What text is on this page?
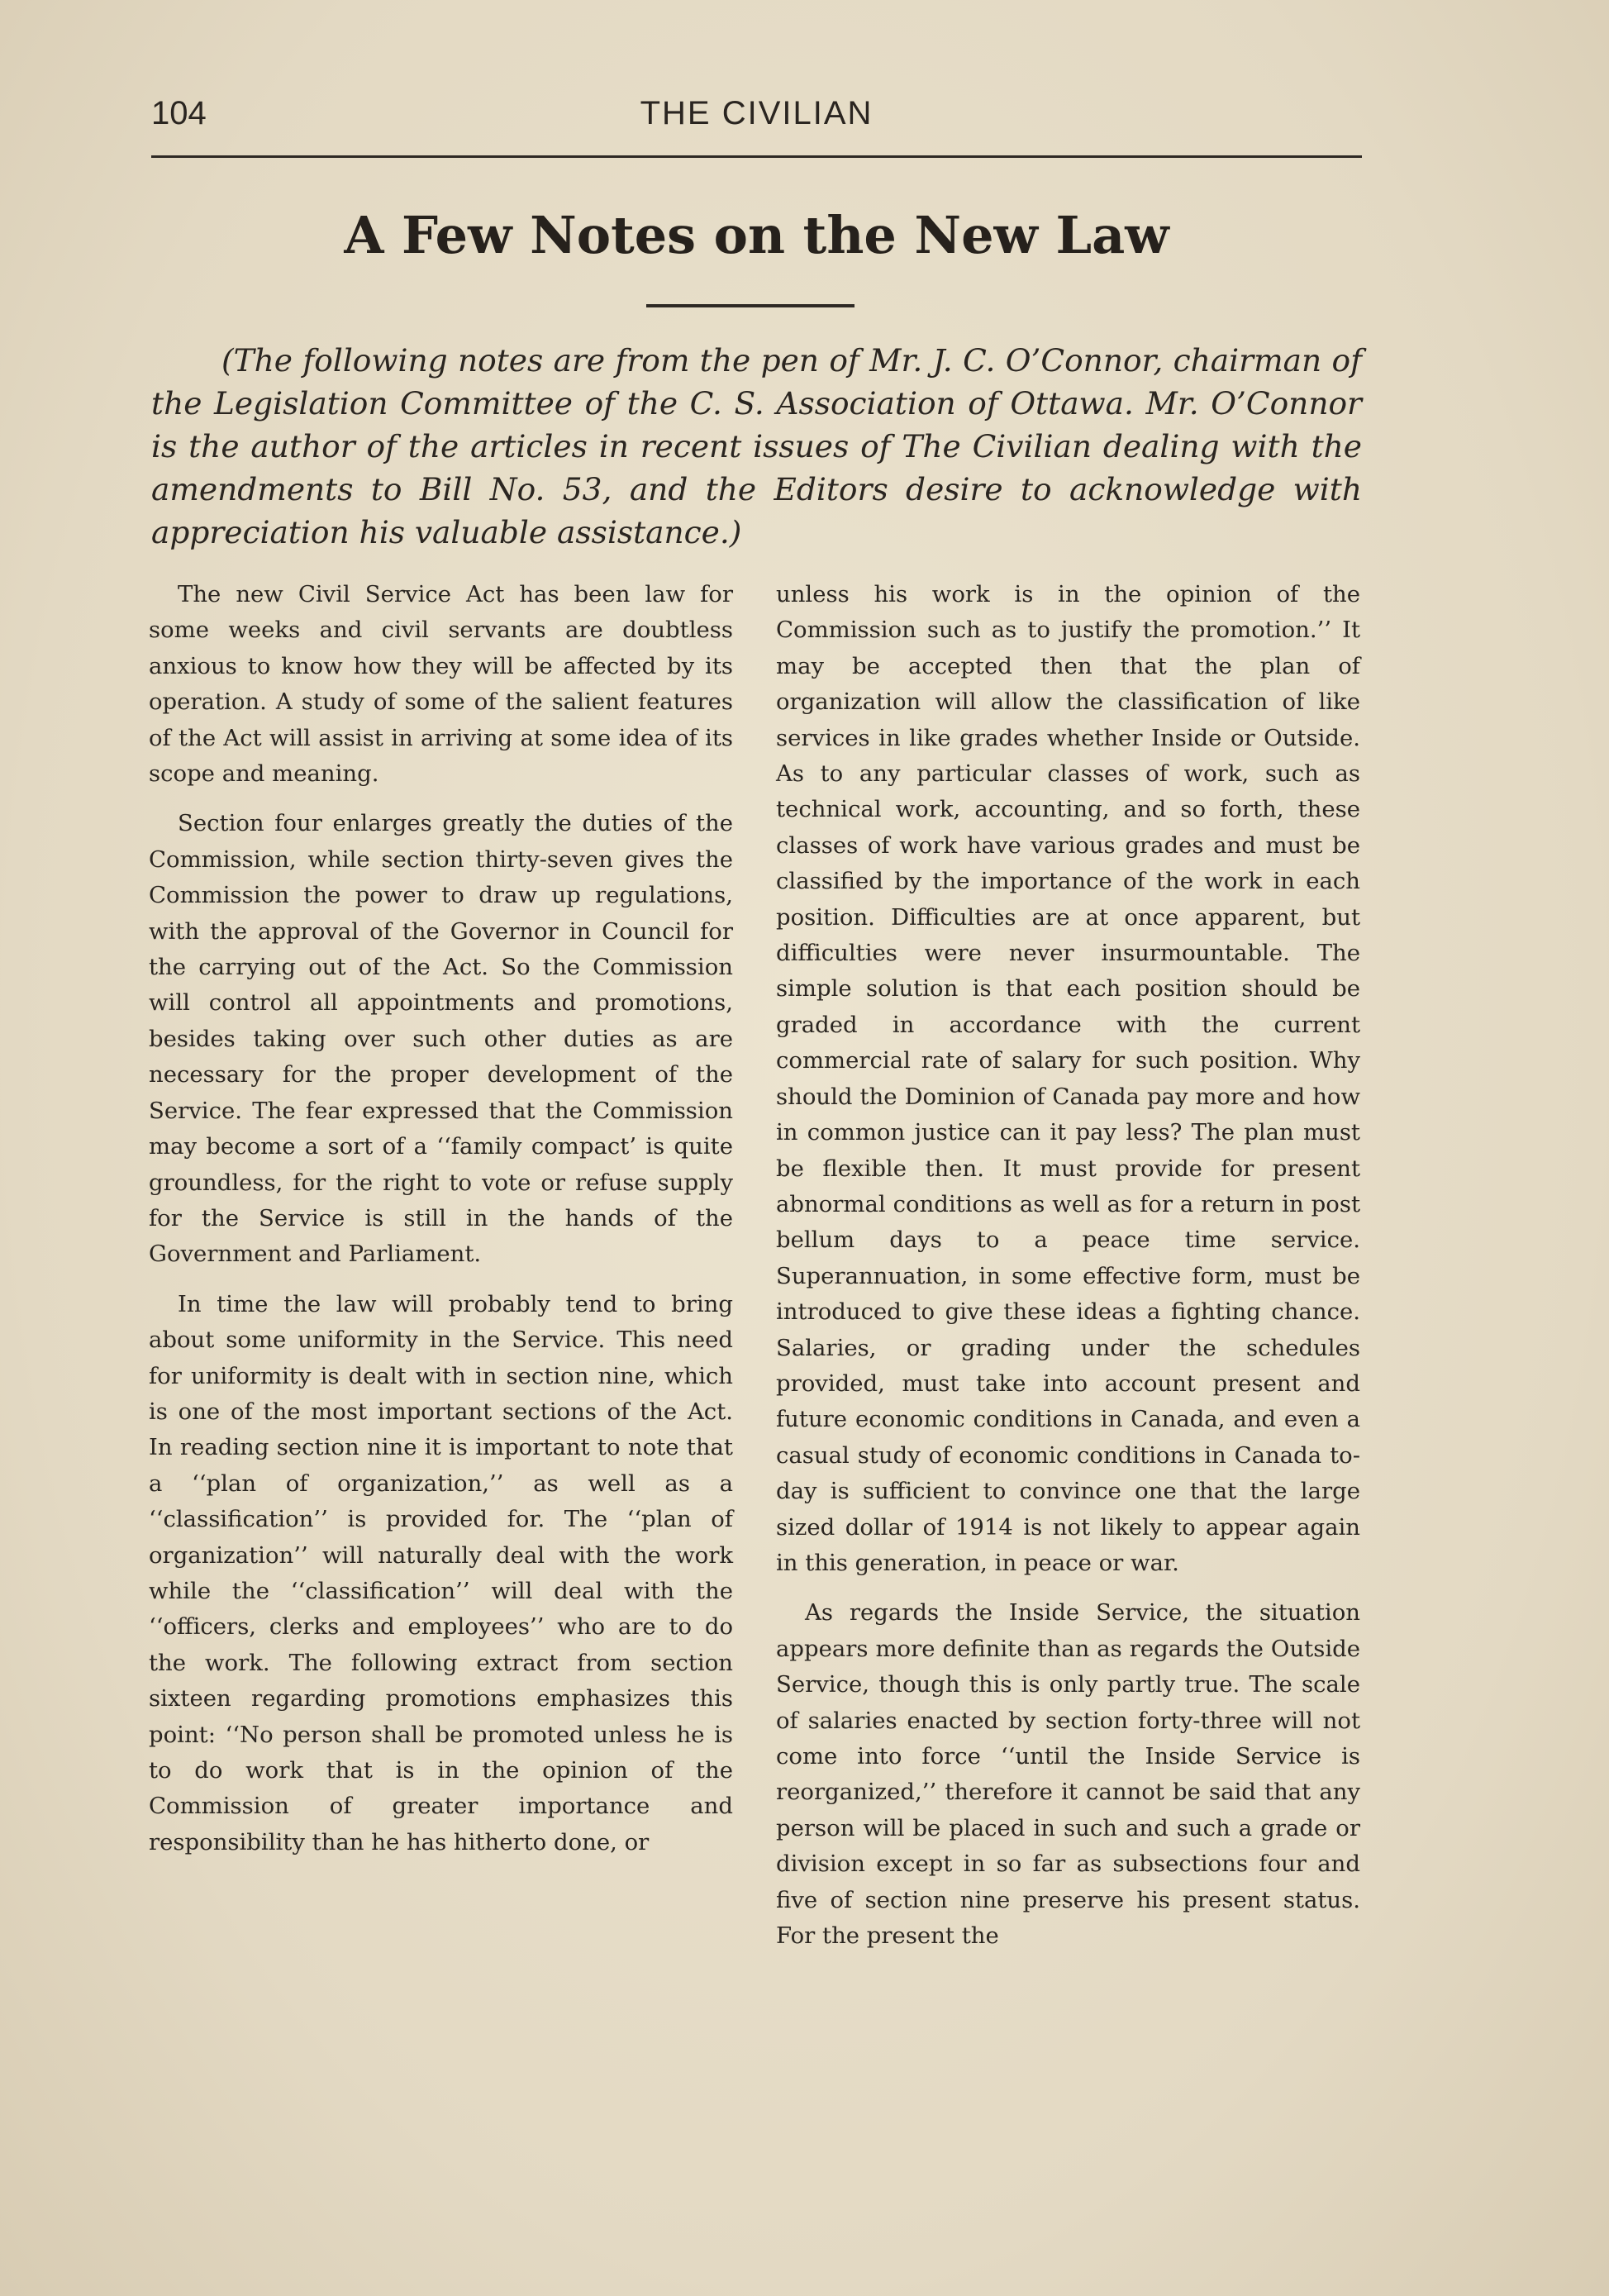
104	THE CIVILIAN
A Few Notes on the New Law

(The following notes are from the pen of Mr. J. C. O’Connor, chairman of the Legislation Committee of the C. S. Association of Ottawa. Mr. O’Connor is the author of the articles in recent issues of The Civilian dealing with the amendments to Bill No. 53, and the Editors desire to acknowledge with appreciation his valuable assistance.)

The new Civil Service Act has been law for some weeks and civil servants are doubtless anxious to know how they will be affected by its operation. A study of some of the salient features of the Act will assist in arriving at some idea of its scope and meaning.

Section four enlarges greatly the duties of the Commission, while section thirty-seven gives the Commission the power to draw up regulations, with the approval of the Governor in Council for the carrying out of the Act. So the Commission will control all appointments and promotions, besides taking over such other duties as are necessary for the proper development of the Service. The fear expressed that the Commission may become a sort of a ‘‘family compact’ is quite groundless, for the right to vote or refuse supply for the Service is still in the hands of the Government and Parliament.

In time the law will probably tend to bring about some uniformity in the Service. This need for uniformity is dealt with in section nine, which is one of the most important sections of the Act. In reading section nine it is important to note that a ‘‘plan of organization,’’ as well as a ‘‘classification’’ is provided for. The ‘‘plan of organization’’ will naturally deal with the work while the ‘‘classification’’ will deal with the ‘‘officers, clerks and employees’’ who are to do the work. The following extract from section sixteen regarding promotions emphasizes this point: ‘‘No person shall be promoted unless he is to do work that is in the opinion of the Commission of greater importance and responsibility than he has hitherto done, or

unless his work is in the opinion of the Commission such as to justify the promotion.’’ It may be accepted then that the plan of organization will allow the classification of like services in like grades whether Inside or Outside. As to any particular classes of work, such as technical work, accounting, and so forth, these classes of work have various grades and must be classified by the importance of the work in each position. Difficulties are at once apparent, but difficulties were never insurmountable. The simple solution is that each position should be graded in accordance with the current commercial rate of salary for such position. Why should the Dominion of Canada pay more and how in common justice can it pay less? The plan must be flexible then. It must provide for present abnormal conditions as well as for a return in post bellum days to a peace time service. Superannuation, in some effective form, must be introduced to give these ideas a fighting chance. Salaries, or grading under the schedules provided, must take into account present and future economic conditions in Canada, and even a casual study of economic conditions in Canada to-day is sufficient to convince one that the large sized dollar of 1914 is not likely to appear again in this generation, in peace or war.

As regards the Inside Service, the situation appears more definite than as regards the Outside Service, though this is only partly true. The scale of salaries enacted by section forty-three will not come into force ‘‘until the Inside Service is reorganized,’’ therefore it cannot be said that any person will be placed in such and such a grade or division except in so far as subsections four and five of section nine preserve his present status. For the present the
